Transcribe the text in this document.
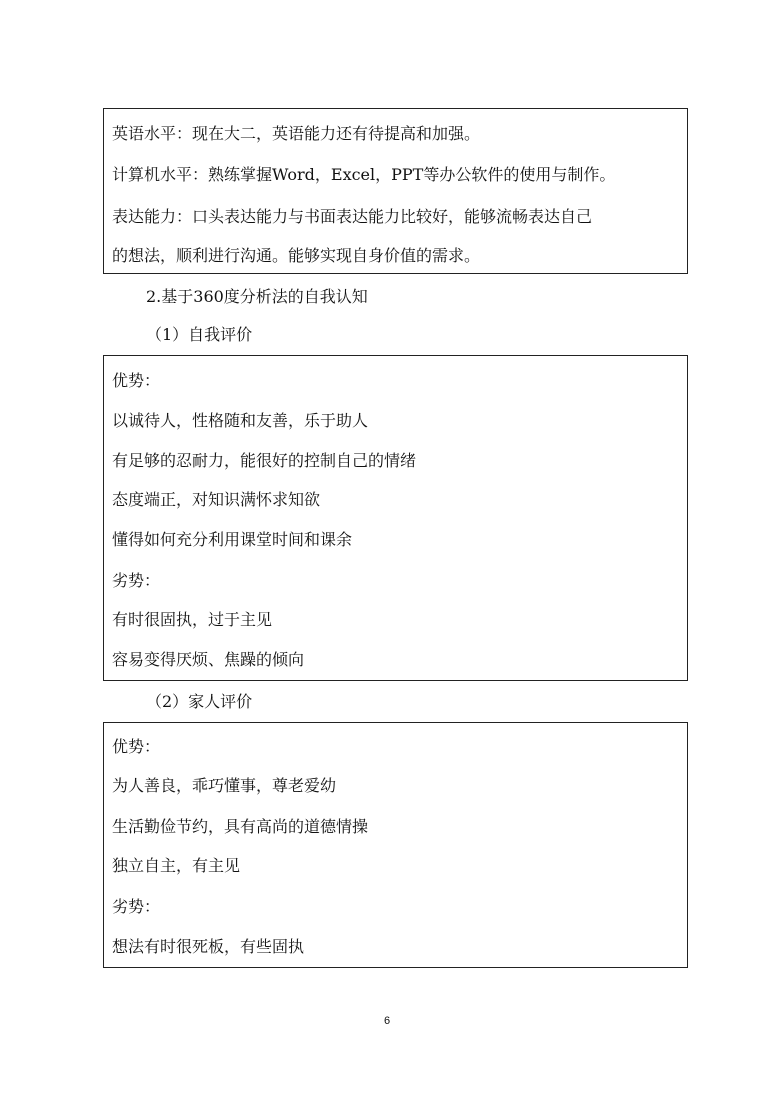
英语水平：现在大二，英语能力还有待提高和加强。
计算机水平：熟练掌握Word，Excel，PPT等办公软件的使用与制作。
表达能力：口头表达能力与书面表达能力比较好，能够流畅表达自己
的想法，顺利进行沟通。能够实现自身价值的需求。
2.基于360度分析法的自我认知
（1）自我评价
优势：
以诚待人，性格随和友善，乐于助人
有足够的忍耐力，能很好的控制自己的情绪
态度端正，对知识满怀求知欲
懂得如何充分利用课堂时间和课余
劣势：
有时很固执，过于主见
容易变得厌烦、焦躁的倾向
（2）家人评价
优势：
为人善良，乖巧懂事，尊老爱幼
生活勤俭节约，具有高尚的道德情操
独立自主，有主见
劣势：
想法有时很死板，有些固执
6
